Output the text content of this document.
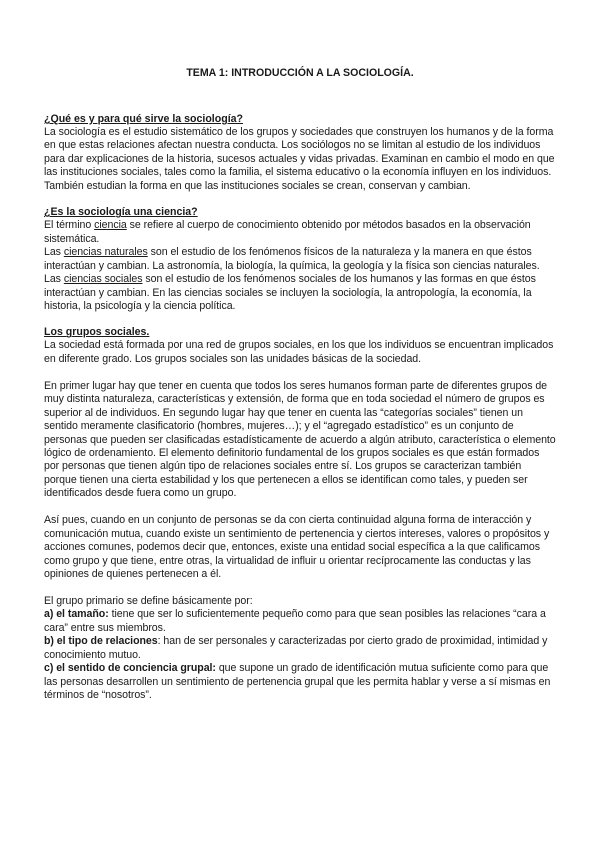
TEMA 1: INTRODUCCIÓN A LA SOCIOLOGÍA.
¿Qué es y para qué sirve la sociología?

La sociología es el estudio sistemático de los grupos y sociedades que construyen los humanos y de la forma en que estas relaciones afectan nuestra conducta. Los sociólogos no se limitan al estudio de los individuos para dar explicaciones de la historia, sucesos actuales y vidas privadas. Examinan en cambio el modo en que las instituciones sociales, tales como la familia, el sistema educativo o la economía influyen en los individuos. También estudian la forma en que las instituciones sociales se crean, conservan y cambian.

¿Es la sociología una ciencia?

El término ciencia se refiere al cuerpo de conocimiento obtenido por métodos basados en la observación sistemática.

Las ciencias naturales son el estudio de los fenómenos físicos de la naturaleza y la manera en que éstos interactúan y cambian. La astronomía, la biología, la química, la geología y la física son ciencias naturales. Las ciencias sociales son el estudio de los fenómenos sociales de los humanos y las formas en que éstos interactúan y cambian. En las ciencias sociales se incluyen la sociología, la antropología, la economía, la historia, la psicología y la ciencia política.

Los grupos sociales.

La sociedad está formada por una red de grupos sociales, en los que los individuos se encuentran implicados en diferente grado. Los grupos sociales son las unidades básicas de la sociedad.

En primer lugar hay que tener en cuenta que todos los seres humanos forman parte de diferentes grupos de muy distinta naturaleza, características y extensión, de forma que en toda sociedad el número de grupos es superior al de individuos. En segundo lugar hay que tener en cuenta las “categorías sociales” tienen un sentido meramente clasificatorio (hombres, mujeres…); y el “agregado estadístico” es un conjunto de personas que pueden ser clasificadas estadísticamente de acuerdo a algún atributo, característica o elemento lógico de ordenamiento. El elemento definitorio fundamental de los grupos sociales es que están formados por personas que tienen algún tipo de relaciones sociales entre sí. Los grupos se caracterizan también porque tienen una cierta estabilidad y los que pertenecen a ellos se identifican como tales, y pueden ser identificados desde fuera como un grupo.

Así pues, cuando en un conjunto de personas se da con cierta continuidad alguna forma de interacción y comunicación mutua, cuando existe un sentimiento de pertenencia y ciertos intereses, valores o propósitos y acciones comunes, podemos decir que, entonces, existe una entidad social específica a la que calificamos como grupo y que tiene, entre otras, la virtualidad de influir u orientar recíprocamente las conductas y las opiniones de quienes pertenecen a él.

El grupo primario se define básicamente por:

a) el tamaño: tiene que ser lo suficientemente pequeño como para que sean posibles las relaciones “cara a cara” entre sus miembros.

b) el tipo de relaciones: han de ser personales y caracterizadas por cierto grado de proximidad, intimidad y conocimiento mutuo.

c) el sentido de conciencia grupal: que supone un grado de identificación mutua suficiente como para que las personas desarrollen un sentimiento de pertenencia grupal que les permita hablar y verse a sí mismas en términos de “nosotros”.
